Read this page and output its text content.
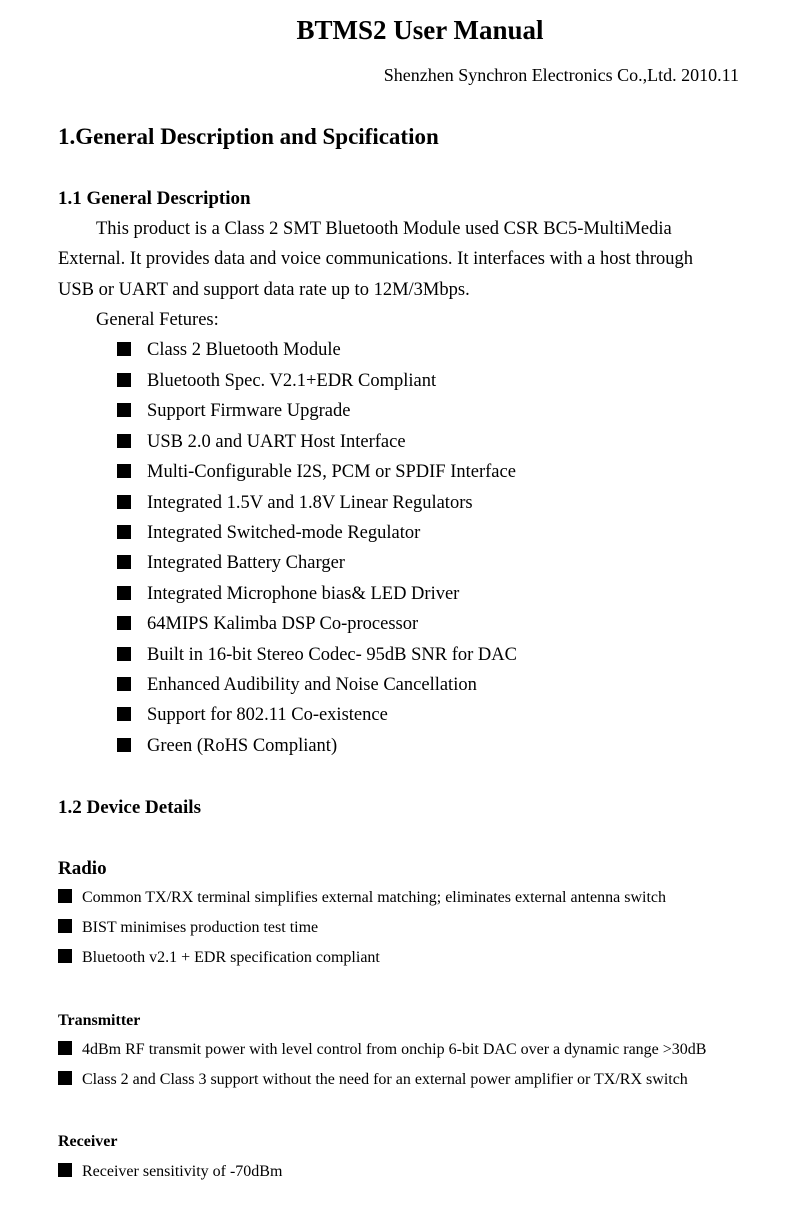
BTMS2 User Manual
Shenzhen Synchron Electronics Co.,Ltd. 2010.11
1.General Description and Spcification
1.1 General Description
This product is a Class 2 SMT Bluetooth Module used CSR BC5-MultiMedia
External. It provides data and voice communications. It interfaces with a host through
USB or UART and support data rate up to 12M/3Mbps.
General Fetures:
Class 2 Bluetooth Module
Bluetooth Spec. V2.1+EDR Compliant
Support Firmware Upgrade
USB 2.0 and UART Host Interface
Multi-Configurable I2S, PCM or SPDIF Interface
Integrated 1.5V and 1.8V Linear Regulators
Integrated Switched-mode Regulator
Integrated Battery Charger
Integrated Microphone bias& LED Driver
64MIPS Kalimba DSP Co-processor
Built in 16-bit Stereo Codec- 95dB SNR for DAC
Enhanced Audibility and Noise Cancellation
Support for 802.11 Co-existence
Green (RoHS Compliant)
1.2 Device Details
Radio
Common TX/RX terminal simplifies external matching; eliminates external antenna switch
BIST minimises production test time
Bluetooth v2.1 + EDR specification compliant
Transmitter
4dBm RF transmit power with level control from onchip 6-bit DAC over a dynamic range >30dB
Class 2 and Class 3 support without the need for an external power amplifier or TX/RX switch
Receiver
Receiver sensitivity of -70dBm
